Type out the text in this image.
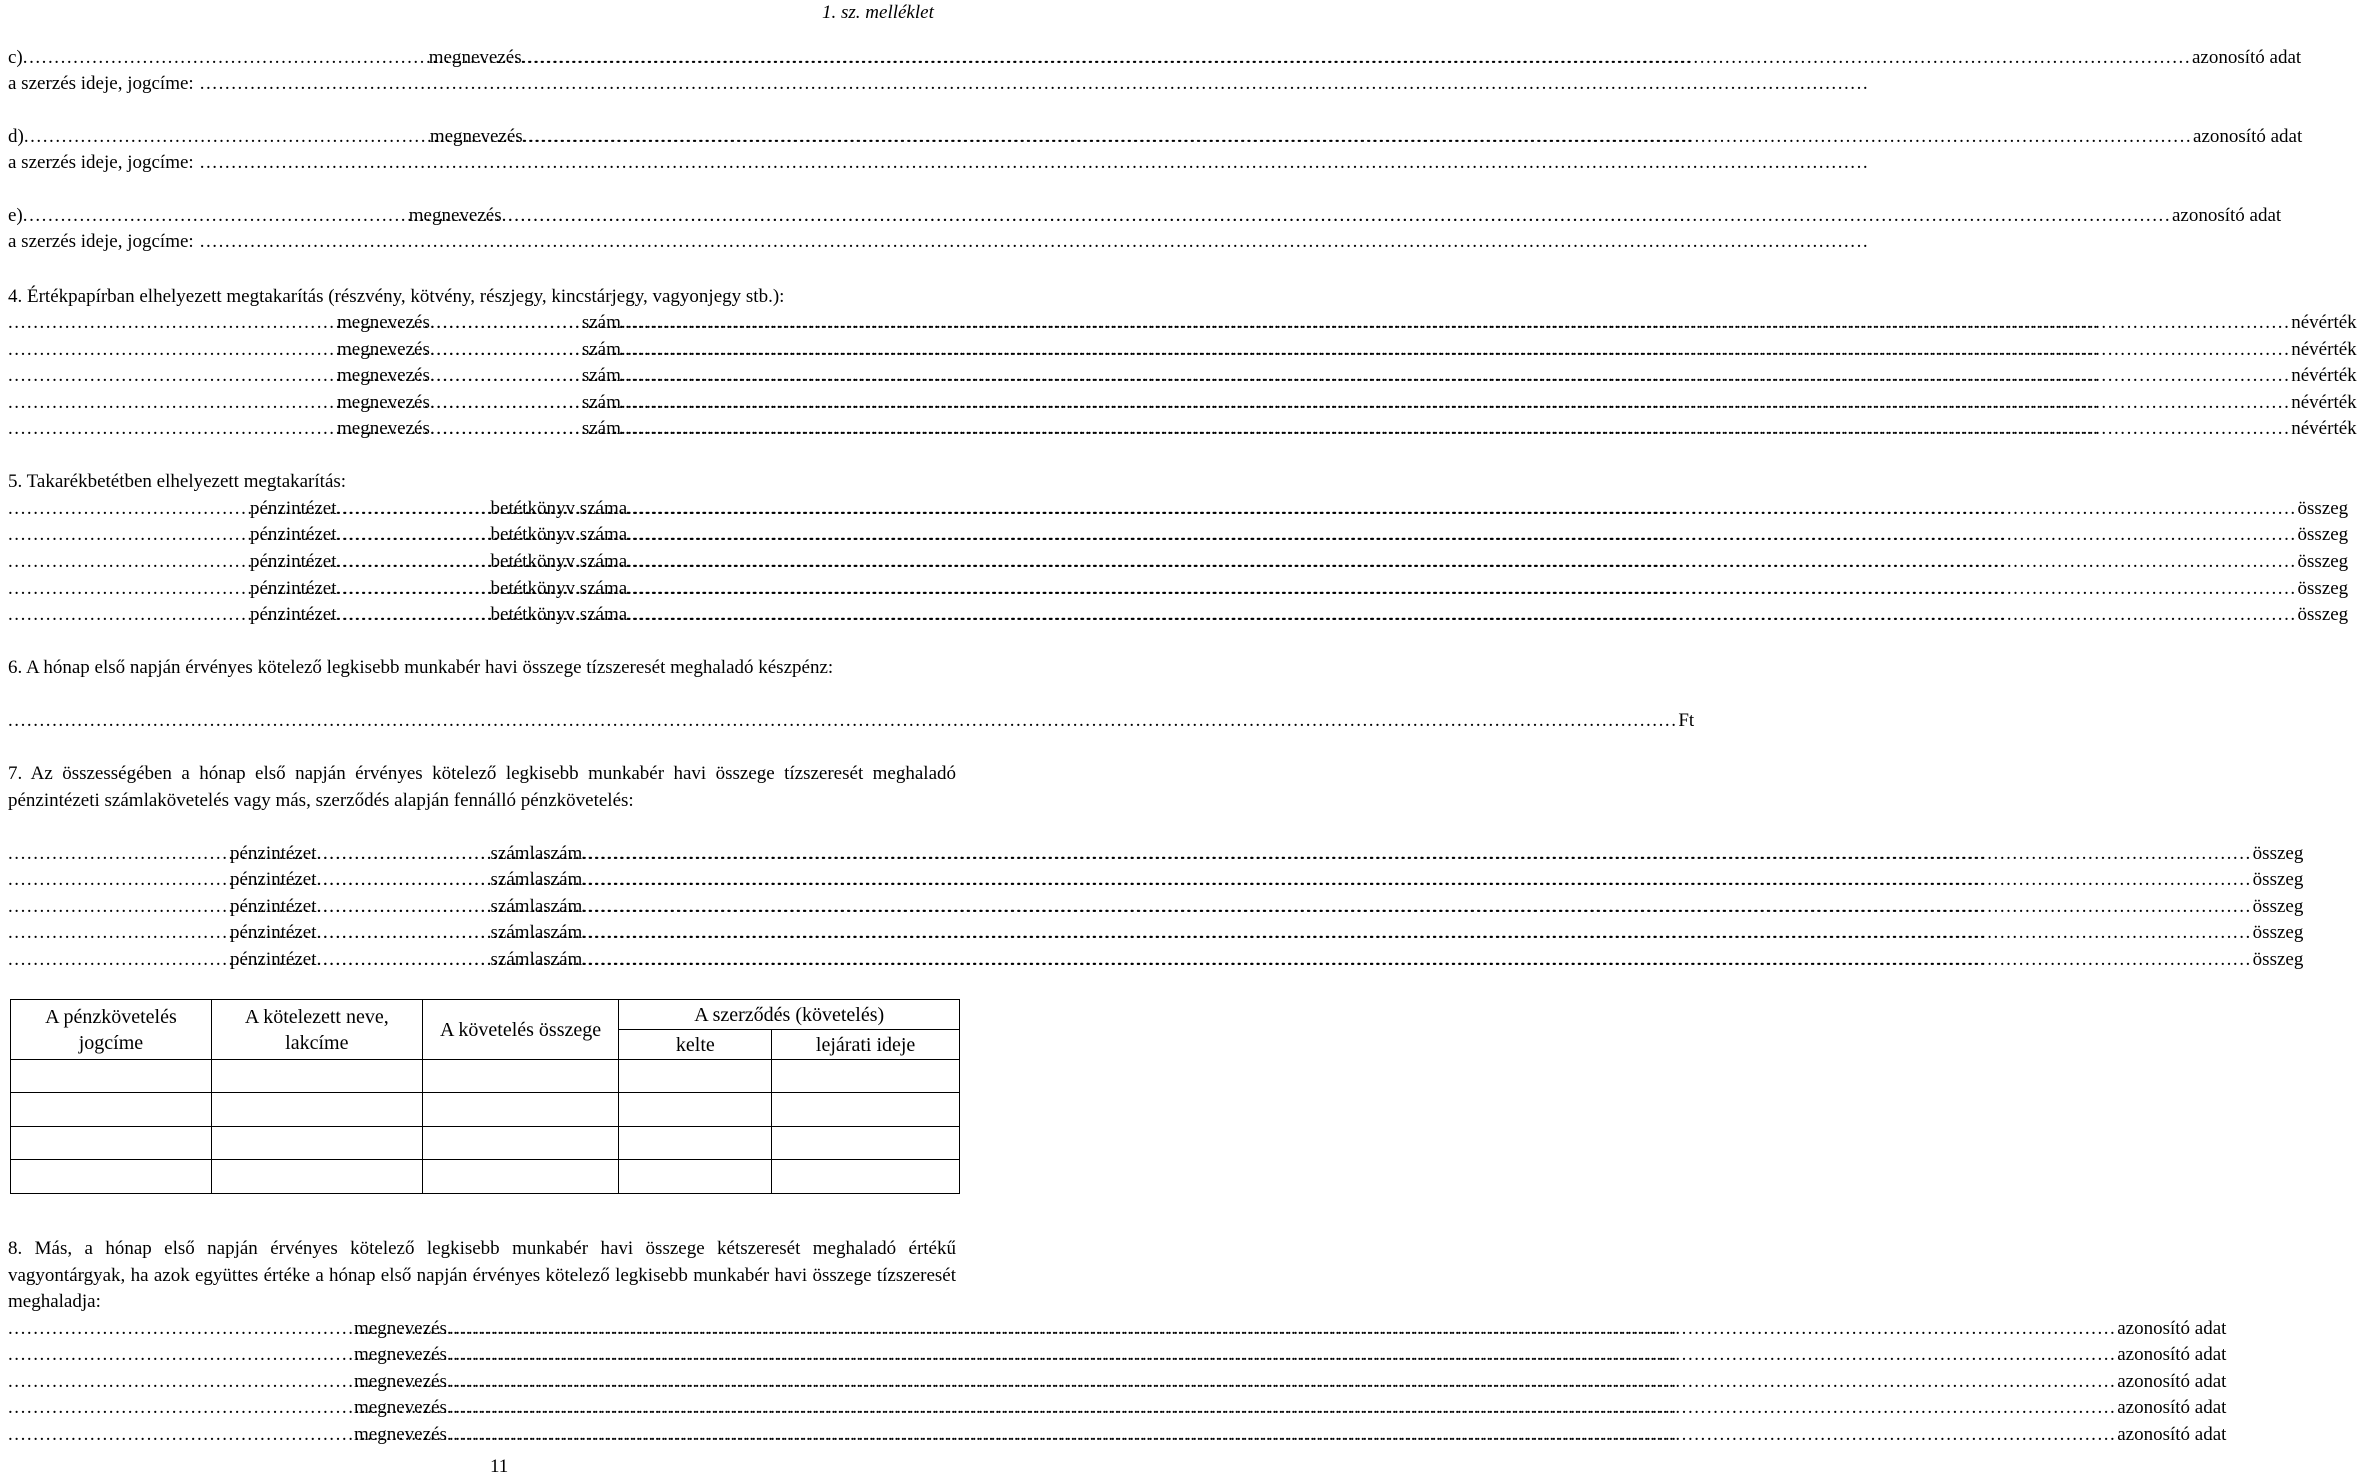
1. sz. melléklet
c) . . .	megnevezés . . .	azonosító adat
a szerzés ideje, jogcíme:
. . .
d) . . .	megnevezés . . .	azonosító adat
a szerzés ideje, jogcíme:
. . .
e) . . .	megnevezés . . .	azonosító adat
a szerzés ideje, jogcíme:
. . .
4. Értékpapírban elhelyezett megtakarítás (részvény, kötvény, részjegy, kincstárjegy, vagyonjegy stb.):
. . .
megnevezés . . .	szám . . .	névérték
. . .
megnevezés . . .	szám . . .	névérték
. . .
megnevezés . . .	szám . . .	névérték
. . .
megnevezés . . .	szám . . .	névérték
. . .
megnevezés . . .	szám . . .	névérték
5. Takarékbetétben elhelyezett megtakarítás:
. . .
pénzintézet . . .	betétkönyv száma . . .	összeg
. . .
pénzintézet . . .	betétkönyv száma . . .	összeg
. . .
pénzintézet . . .	betétkönyv száma . . .	összeg
. . .
pénzintézet . . .	betétkönyv száma . . .	összeg
. . .
pénzintézet . . .	betétkönyv száma . . .	összeg
6. A hónap első napján érvényes kötelező legkisebb munkabér havi összege tízszeresét meghaladó készpénz:
. . .
Ft
7. Az összességében a hónap első napján érvényes kötelező legkisebb munkabér havi összege tízszeresét meghaladó pénzintézeti számlakövetelés vagy más, szerződés alapján fennálló pénzkövetelés:
. . .
pénzintézet . . .	számlaszám . . .	összeg
. . .
pénzintézet . . .	számlaszám . . .	összeg
. . .
pénzintézet . . .	számlaszám . . .	összeg
. . .
pénzintézet . . .	számlaszám . . .	összeg
. . .
pénzintézet . . .	számlaszám . . .	összeg
A pénzkövetelés jogcíme	A kötelezett neve, lakcíme	A követelés összege	A szerződés (követelés)	
			kelte	lejárati ideje

8. Más, a hónap első napján érvényes kötelező legkisebb munkabér havi összege kétszeresét meghaladó értékű vagyontárgyak, ha azok együttes értéke a hónap első napján érvényes kötelező legkisebb munkabér havi összege tízszeresét meghaladja:
. . .
megnevezés . . .	azonosító adat
. . .
megnevezés . . .	azonosító adat
. . .
megnevezés . . .	azonosító adat
. . .
megnevezés . . .	azonosító adat
. . .
megnevezés . . .	azonosító adat
11
